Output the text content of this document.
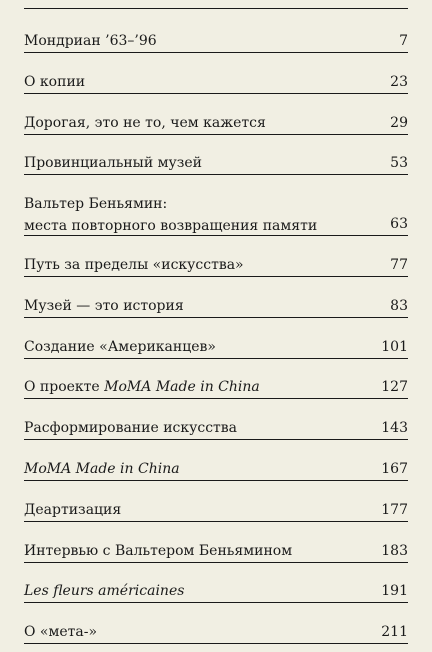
Мондриан ’63–’96	7
О копии	23
Дорогая, это не то, чем кажется	29
Провинциальный музей	53
Вальтер Беньямин:
места повторного возвращения памяти	63
Путь за пределы «искусства»	77
Музей — это история	83
Создание «Американцев»	101
О проекте MoMA Made in China	127
Расформирование искусства	143
MoMA Made in China	167
Деартизация	177
Интервью с Вальтером Беньямином	183
Les fleurs américaines	191
О «мета-»	211
